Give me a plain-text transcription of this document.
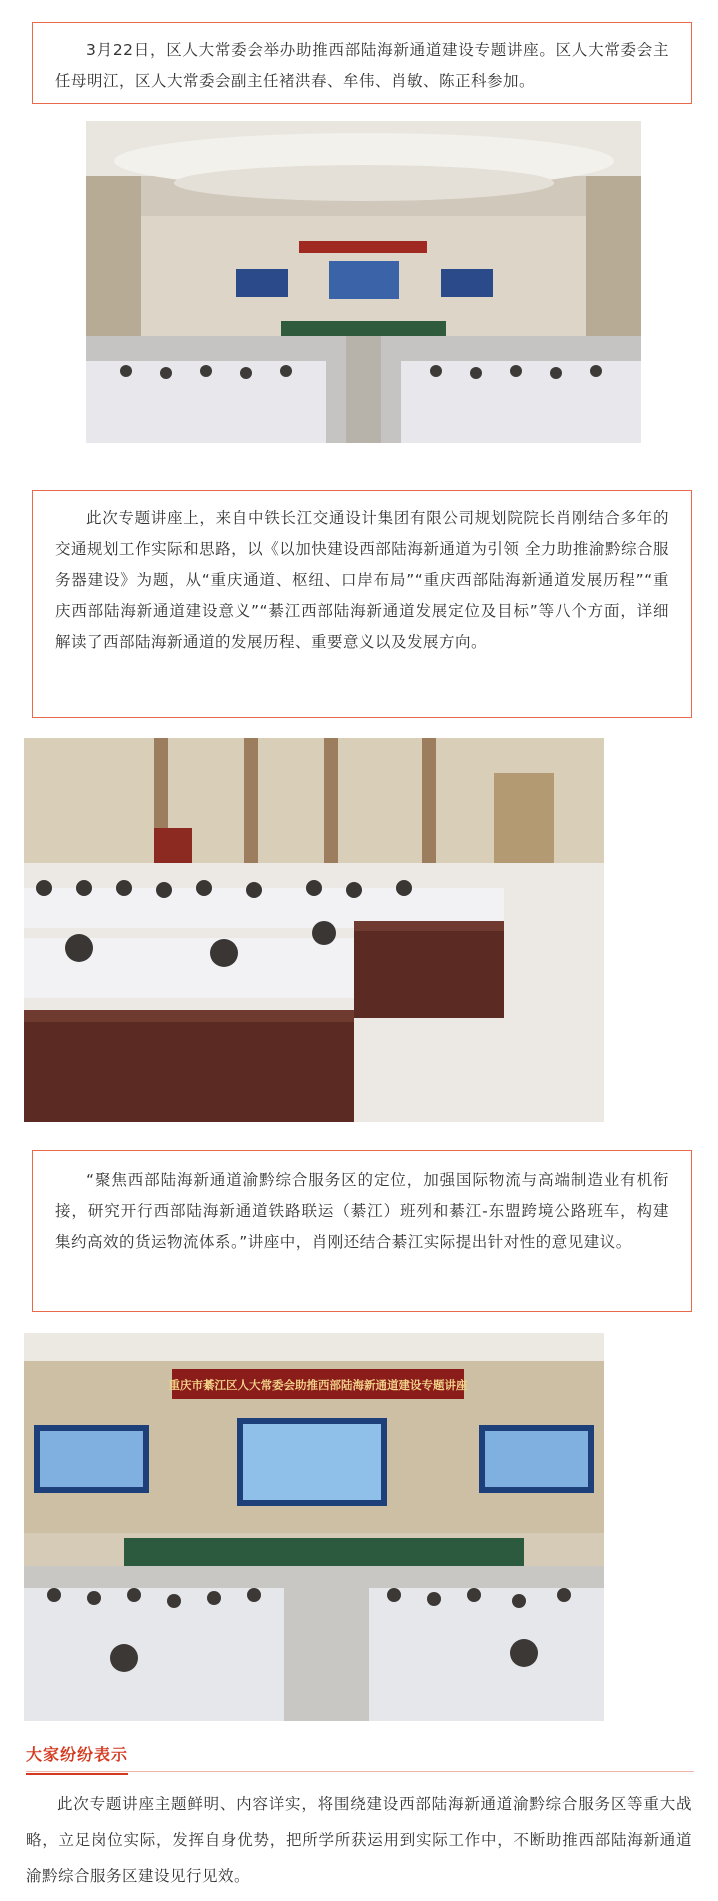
3月22日，区人大常委会举办助推西部陆海新通道建设专题讲座。区人大常委会主任母明江，区人大常委会副主任褚洪春、牟伟、肖敏、陈正科参加。

此次专题讲座上，来自中铁长江交通设计集团有限公司规划院院长肖刚结合多年的交通规划工作实际和思路，以《以加快建设西部陆海新通道为引领 全力助推渝黔综合服务器建设》为题，从“重庆通道、枢纽、口岸布局”“重庆西部陆海新通道发展历程”“重庆西部陆海新通道建设意义”“綦江西部陆海新通道发展定位及目标”等八个方面，详细解读了西部陆海新通道的发展历程、重要意义以及发展方向。

“聚焦西部陆海新通道渝黔综合服务区的定位，加强国际物流与高端制造业有机衔接，研究开行西部陆海新通道铁路联运（綦江）班列和綦江-东盟跨境公路班车，构建集约高效的货运物流体系。”讲座中，肖刚还结合綦江实际提出针对性的意见建议。

重庆市綦江区人大常委会助推西部陆海新通道建设专题讲座
大家纷纷表示

此次专题讲座主题鲜明、内容详实，将围绕建设西部陆海新通道渝黔综合服务区等重大战略，立足岗位实际，发挥自身优势，把所学所获运用到实际工作中，不断助推西部陆海新通道渝黔综合服务区建设见行见效。
